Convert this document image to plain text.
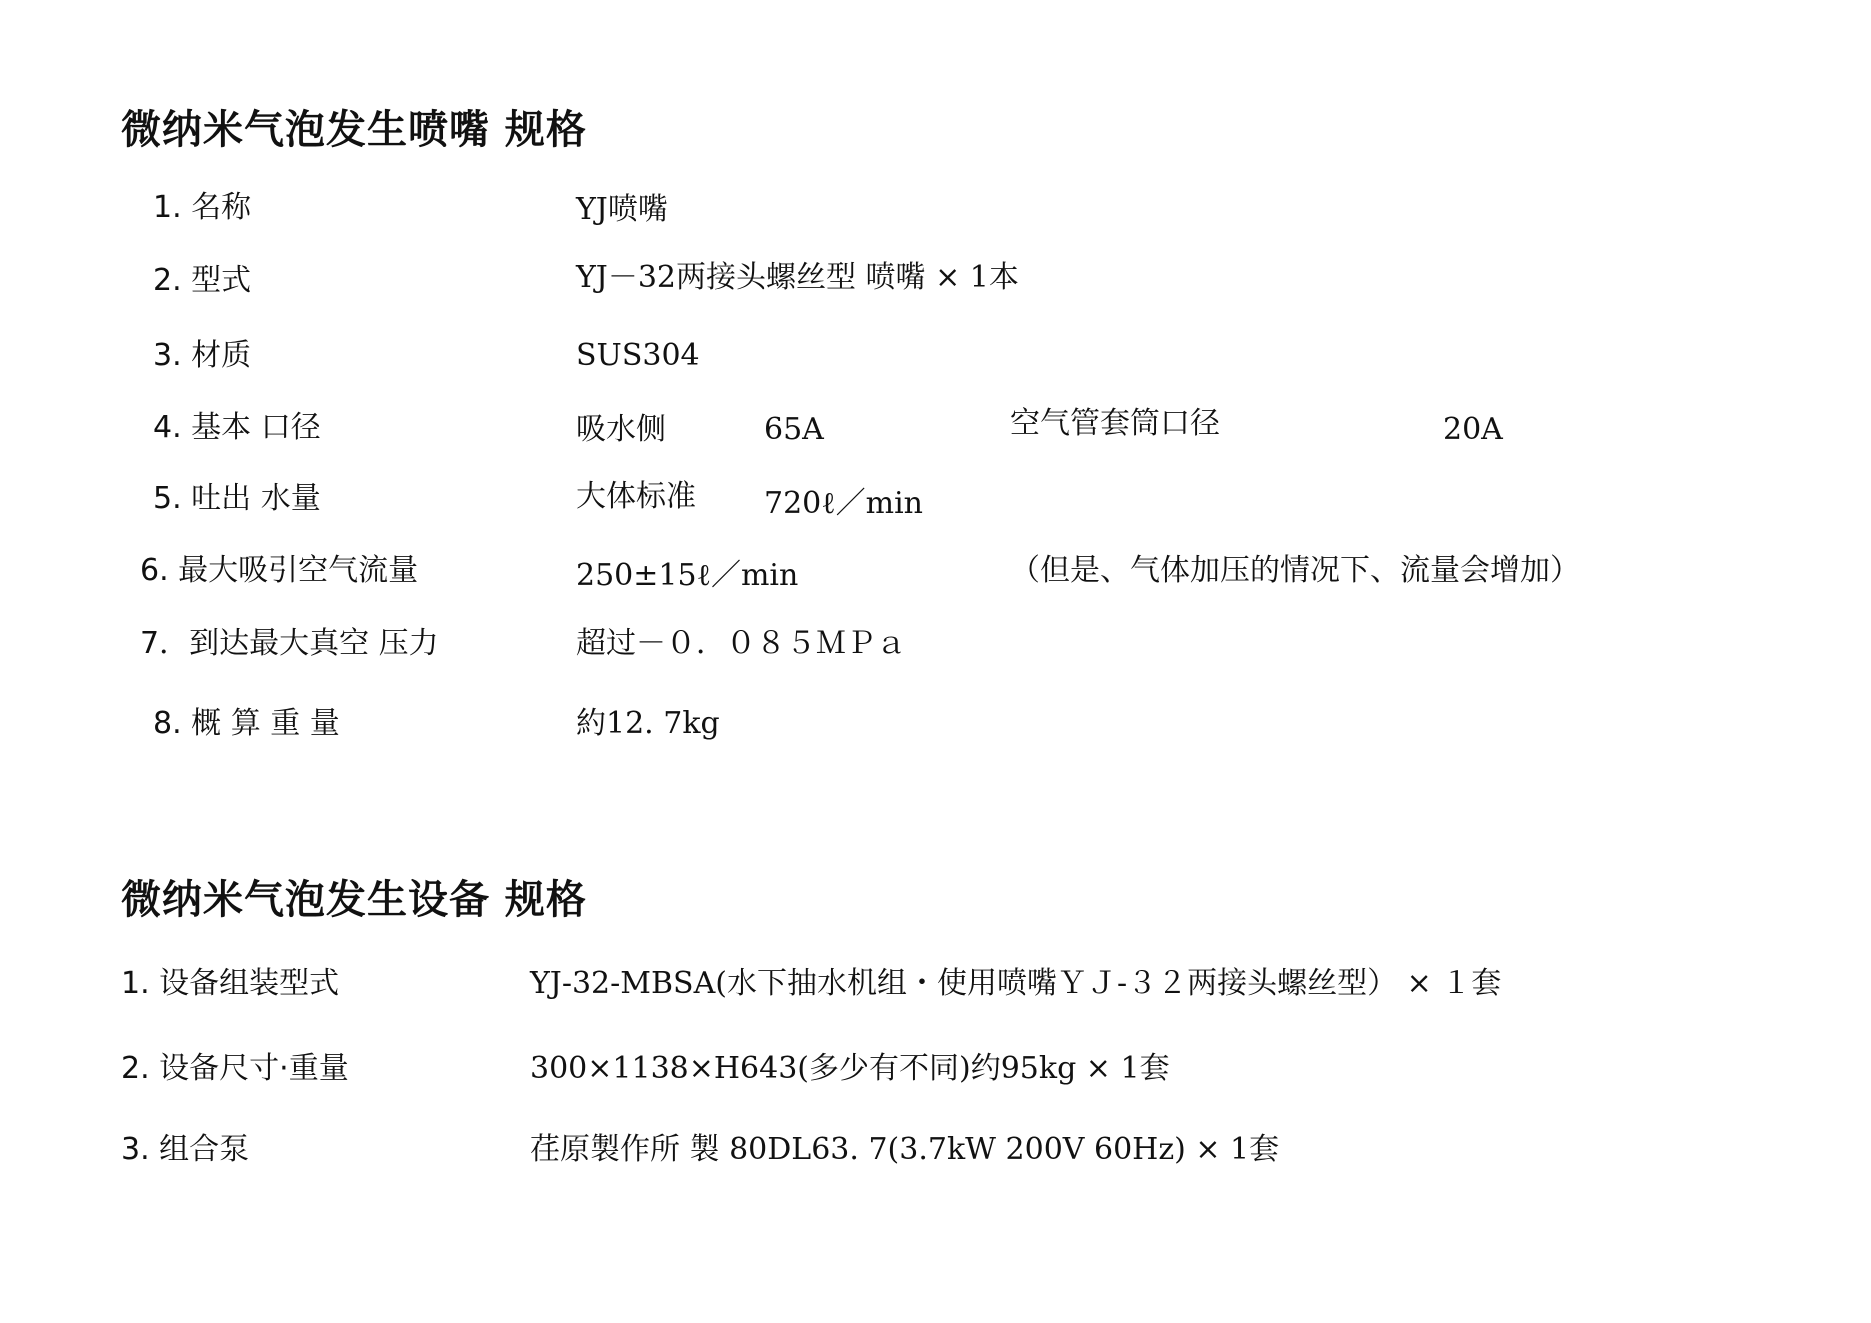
微纳米气泡发生喷嘴 规格
1. 名称	YJ喷嘴
2. 型式	YJ－32两接头螺丝型 喷嘴 × 1本
3. 材质	SUS304
4. 基本 口径	吸水侧	65A	空气管套筒口径	20A
5. 吐出 水量	大体标准 720ℓ／min
6. 最大吸引空气流量	250±15ℓ／min	（但是、气体加压的情况下、流量会增加）
7．到达最大真空 压力	超过－０．０８５ＭＰａ
8. 概 算 重 量	約12. 7kg
微纳米气泡发生设备 规格
1. 设备组装型式	YJ-32-MBSA(水下抽水机组・使用喷嘴ＹＪ-３２两接头螺丝型） × １套
2. 设备尺寸·重量	300×1138×H643(多少有不同)约95kg × 1套
3. 组合泵	荏原製作所 製 80DL63. 7(3.7kW 200V 60Hz) × 1套
